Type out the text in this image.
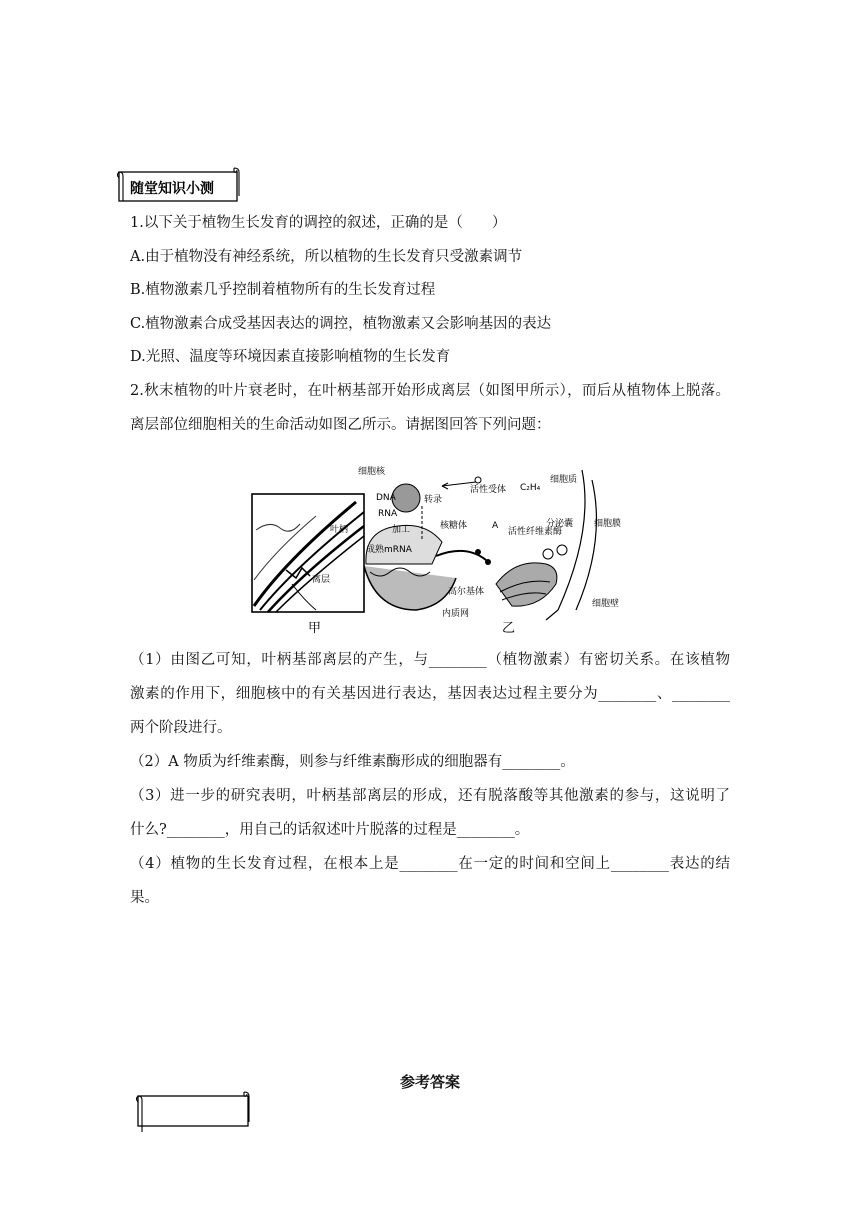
随堂知识小测
1.以下关于植物生长发育的调控的叙述，正确的是（　　）
A.由于植物没有神经系统，所以植物的生长发育只受激素调节
B.植物激素几乎控制着植物所有的生长发育过程
C.植物激素合成受基因表达的调控，植物激素又会影响基因的表达
D.光照、温度等环境因素直接影响植物的生长发育
2.秋末植物的叶片衰老时，在叶柄基部开始形成离层（如图甲所示），而后从植物体上脱落。
离层部位细胞相关的生命活动如图乙所示。请据图回答下列问题：
甲
细胞核
DNA	转录
RNA
加工
成熟mRNA
核糖体
活性受体 C₂H₄
细胞质
A	分泌囊
活性纤维素酶
细胞膜
高尔基体
内质网
细胞壁
叶柄
离层
乙
（1）由图乙可知，叶柄基部离层的产生，与________（植物激素）有密切关系。在该植物
激素的作用下，细胞核中的有关基因进行表达，基因表达过程主要分为________、________
两个阶段进行。
（2）A 物质为纤维素酶，则参与纤维素酶形成的细胞器有________。
（3）进一步的研究表明，叶柄基部离层的形成，还有脱落酸等其他激素的参与，这说明了
什么?________，用自己的话叙述叶片脱落的过程是________。
（4）植物的生长发育过程，在根本上是________在一定的时间和空间上________表达的结
果。
参考答案
